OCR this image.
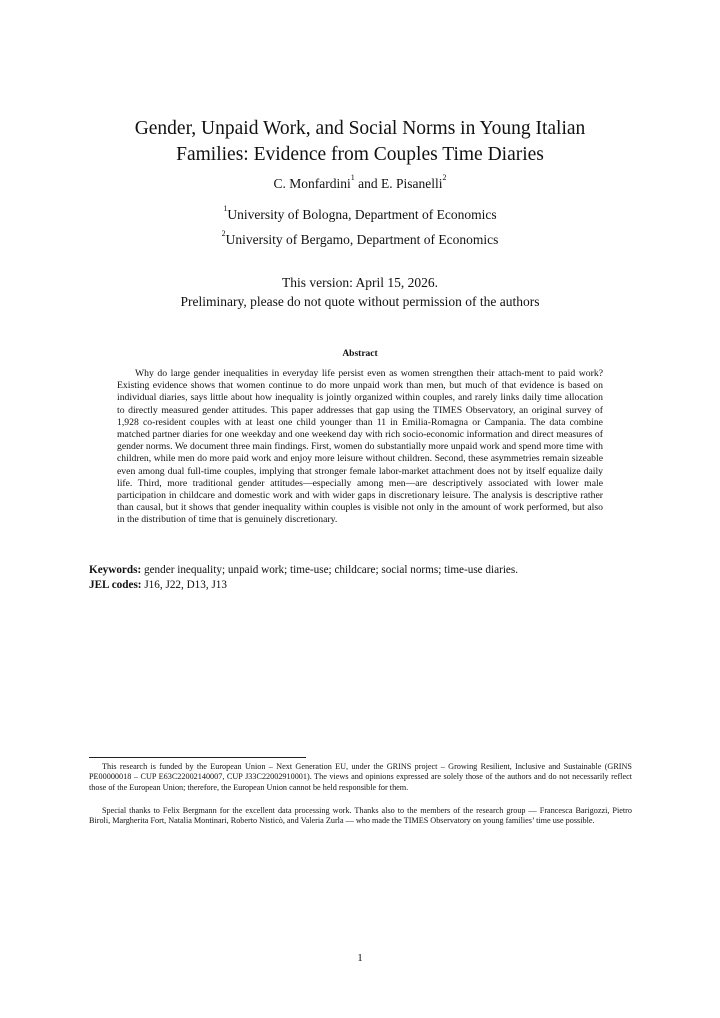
Gender, Unpaid Work, and Social Norms in Young Italian
Families: Evidence from Couples Time Diaries
C. Monfardini$^1$ and E. Pisanelli$^2$
$^1$University of Bologna, Department of Economics
$^2$University of Bergamo, Department of Economics
This version: April 15, 2026.
Preliminary, please do not quote without permission of the authors
Abstract

Why do large gender inequalities in everyday life persist even as women strengthen their attach-ment to paid work? Existing evidence shows that women continue to do more unpaid work than men, but much of that evidence is based on individual diaries, says little about how inequality is jointly organized within couples, and rarely links daily time allocation to directly measured gender attitudes. This paper addresses that gap using the TIMES Observatory, an original survey of 1,928 co-resident couples with at least one child younger than 11 in Emilia-Romagna or Campania. The data combine matched partner diaries for one weekday and one weekend day with rich socio-economic information and direct measures of gender norms. We document three main findings. First, women do substantially more unpaid work and spend more time with children, while men do more paid work and enjoy more leisure without children. Second, these asymmetries remain sizeable even among dual full-time couples, implying that stronger female labor-market attachment does not by itself equalize daily life. Third, more traditional gender attitudes—especially among men—are descriptively associated with lower male participation in childcare and domestic work and with wider gaps in discretionary leisure. The analysis is descriptive rather than causal, but it shows that gender inequality within couples is visible not only in the amount of work performed, but also in the distribution of time that is genuinely discretionary.

Keywords: gender inequality; unpaid work; time-use; childcare; social norms; time-use diaries.
JEL codes: J16, J22, D13, J13

This research is funded by the European Union – Next Generation EU, under the GRINS project – Growing Resilient, Inclusive and Sustainable (GRINS PE00000018 – CUP E63C22002140007, CUP J33C22002910001). The views and opinions expressed are solely those of the authors and do not necessarily reflect those of the European Union; therefore, the European Union cannot be held responsible for them.

Special thanks to Felix Bergmann for the excellent data processing work. Thanks also to the members of the research group — Francesca Barigozzi, Pietro Biroli, Margherita Fort, Natalia Montinari, Roberto Nisticò, and Valeria Zurla — who made the TIMES Observatory on young families’ time use possible.

1
